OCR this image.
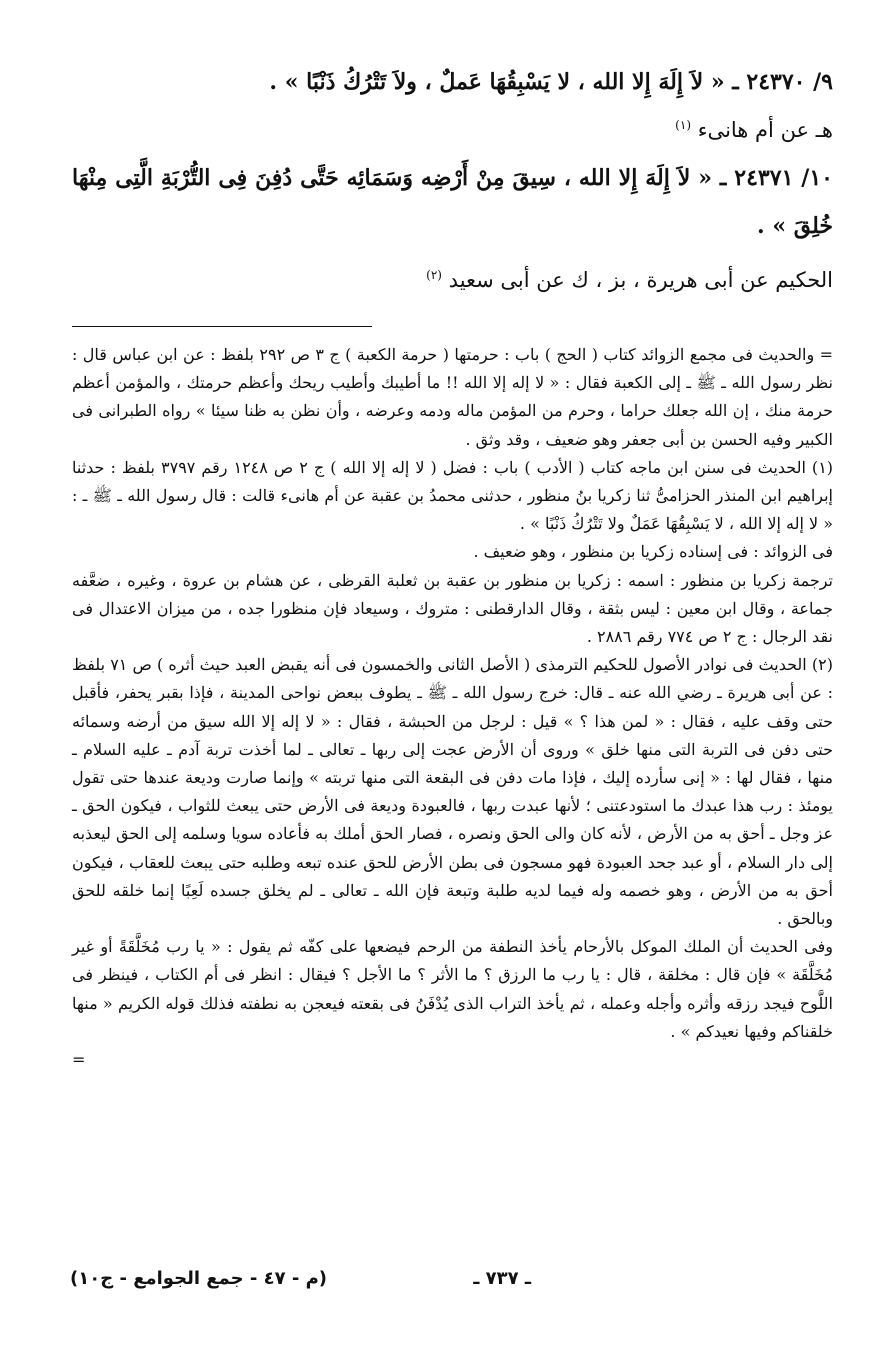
٩/ ٢٤٣٧٠ ـ « لاَ إِلَهَ إِلا الله ، لا يَسْبِقُهَا عَملٌ ، ولاَ تَتْرُكُ ذَنْبًا » .

هـ عن أم هانىء $^{(١)}$

١٠/ ٢٤٣٧١ ـ « لاَ إِلَهَ إِلا الله ، سِيقَ مِنْ أَرْضِه وَسَمَائِه حَتَّى دُفِنَ فِى التُّرْبَةِ الَّتِى مِنْهَا خُلِقَ » .

الحكيم عن أبى هريرة ، بز ، ك عن أبى سعيد $^{(٢)}$

= والحديث فى مجمع الزوائد كتاب ( الحج ) باب : حرمتها ( حرمة الكعبة ) ج ٣ ص ٢٩٢ بلفظ : عن ابن عباس قال : نظر رسول الله ـ ﷺ ـ إلى الكعبة فقال : « لا إله إلا الله !! ما أطيبك وأطيب ريحك وأعظم حرمتك ، والمؤمن أعظم حرمة منك ، إن الله جعلك حراما ، وحرم من المؤمن ماله ودمه وعرضه ، وأن نظن به ظنا سيئا » رواه الطبرانى فى الكبير وفيه الحسن بن أبى جعفر وهو ضعيف ، وقد وثق .

(١) الحديث فى سنن ابن ماجه كتاب ( الأدب ) باب : فضل ( لا إله إلا الله ) ج ٢ ص ١٢٤٨ رقم ٣٧٩٧ بلفظ : حدثنا إبراهيم ابن المنذر الحزامىُّ ثنا زكريا بنُ منظور ، حدثنى محمدُ بن عقبة عن أم هانىء قالت : قال رسول الله ـ ﷺ ـ : « لا إله إلا الله ، لا يَسْبِقُهَا عَمَلٌ ولا تَتْرُكُ ذَنْبًا » .

فى الزوائد : فى إسناده زكريا بن منظور ، وهو ضعيف .

ترجمة زكريا بن منظور : اسمه : زكريا بن منظور بن عقبة بن ثعلبة القرظى ، عن هشام بن عروة ، وغيره ، ضعَّفه جماعة ، وقال ابن معين : ليس بثقة ، وقال الدارقطنى : متروك ، وسيعاد فإن منظورا جده ، من ميزان الاعتدال فى نقد الرجال : ج ٢ ص ٧٧٤ رقم ٢٨٨٦ .

(٢) الحديث فى نوادر الأصول للحكيم الترمذى ( الأصل الثانى والخمسون فى أنه يقبض العبد حيث أثره ) ص ٧١ بلفظ : عن أبى هريرة ـ رضي الله عنه ـ قال: خرج رسول الله ـ ﷺ ـ يطوف ببعض نواحى المدينة ، فإذا بقبر يحفر، فأقبل حتى وقف عليه ، فقال : « لمن هذا ؟ » قيل : لرجل من الحبشة ، فقال : « لا إله إلا الله سيق من أرضه وسمائه حتى دفن فى التربة التى منها خلق » وروى أن الأرض عجت إلى ربها ـ تعالى ـ لما أخذت تربة آدم ـ عليه السلام ـ منها ، فقال لها : « إنى سأرده إليك ، فإذا مات دفن فى البقعة التى منها تربته » وإنما صارت وديعة عندها حتى تقول يومئذ : رب هذا عبدك ما استودعتنى ؛ لأنها عبدت ربها ، فالعبودة وديعة فى الأرض حتى يبعث للثواب ، فيكون الحق ـ عز وجل ـ أحق به من الأرض ، لأنه كان والى الحق ونصره ، فصار الحق أملك به فأعاده سويا وسلمه إلى الحق ليعذبه إلى دار السلام ، أو عبد جحد العبودة فهو مسجون فى بطن الأرض للحق عنده تبعه وطلبه حتى يبعث للعقاب ، فيكون أحق به من الأرض ، وهو خصمه وله فيما لديه طلبة وتبعة فإن الله ـ تعالى ـ لم يخلق جسده لَعِبًا إنما خلقه للحق وبالحق .

وفى الحديث أن الملك الموكل بالأرحام يأخذ النطفة من الرحم فيضعها على كفّه ثم يقول : « يا رب مُخَلَّقَةً أو غير مُخَلَّقَة » فإن قال : مخلقة ، قال : يا رب ما الرزق ؟ ما الأثر ؟ ما الأجل ؟ فيقال : انظر فى أم الكتاب ، فينظر فى اللَّوح فيجد رزقه وأثره وأجله وعمله ، ثم يأخذ التراب الذى يُدْفَنُ فى بقعته فيعجن به نطفته فذلك قوله الكريم « منها خلقناكم وفيها نعيدكم » .

=

ـ ٧٣٧ ـ
(م - ٤٧ - جمع الجوامع - ج١٠)
